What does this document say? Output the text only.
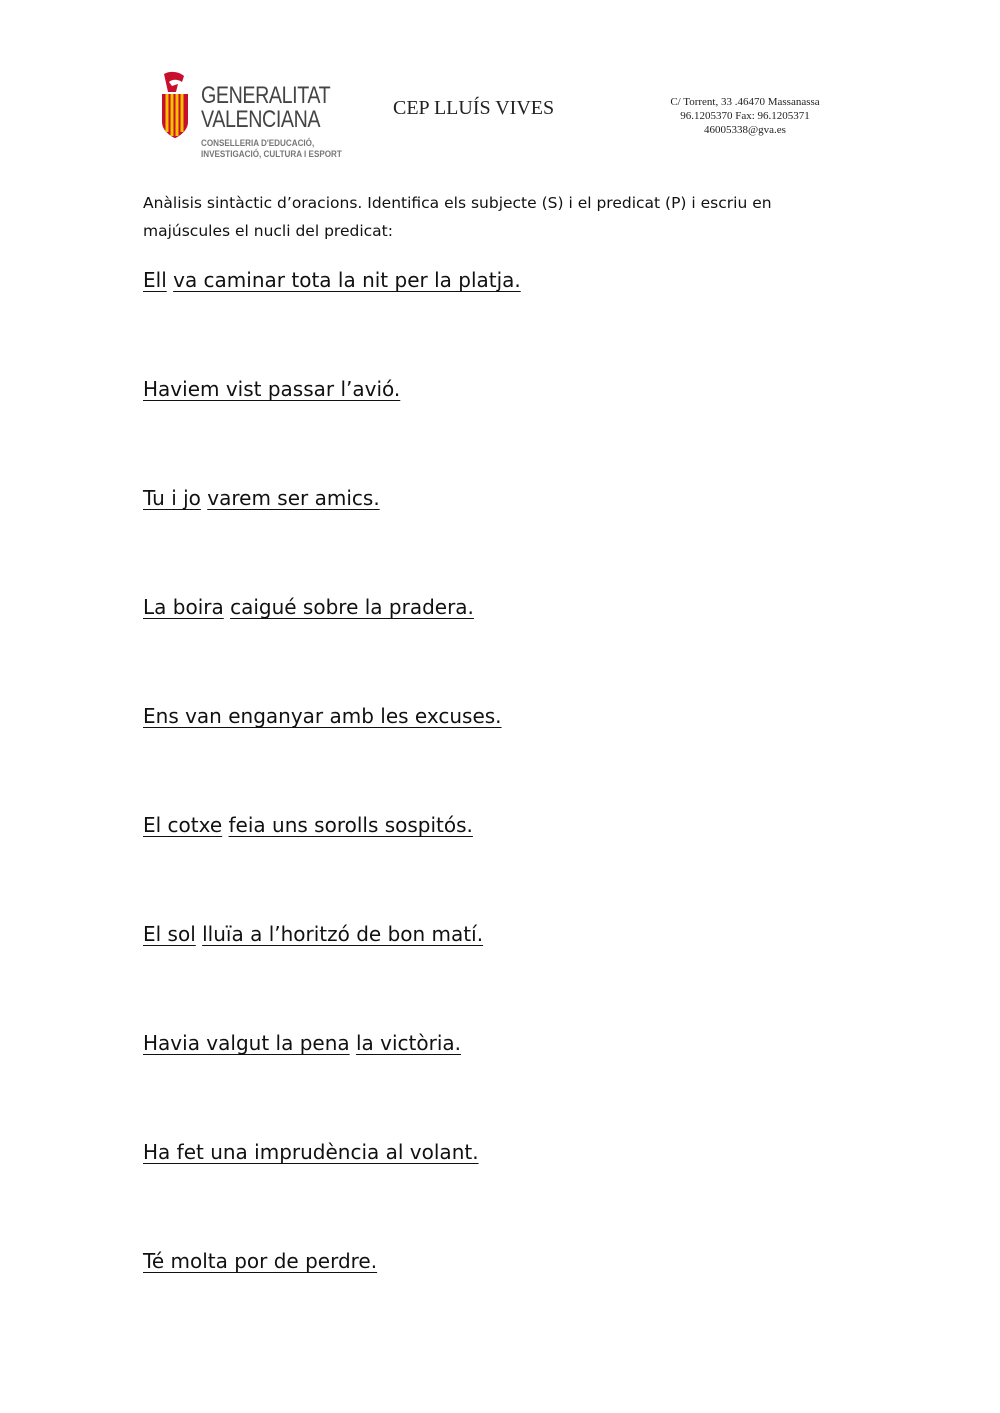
GENERALITAT
VALENCIANA
CONSELLERIA D'EDUCACIÓ,
INVESTIGACIÓ, CULTURA I ESPORT
CEP LLUÍS VIVES	C/ Torrent, 33 .46470 Massanassa
96.1205370 Fax: 96.1205371
46005338@gva.es
Anàlisis sintàctic d’oracions. Identifica els subjecte (S) i el predicat (P) i escriu en majúscules el nucli del predicat:
Ell va caminar tota la nit per la platja.
Haviem vist passar l’avió.
Tu i jo varem ser amics.
La boira caigué sobre la pradera.
Ens van enganyar amb les excuses.
El cotxe feia uns sorolls sospitós.
El sol lluïa a l’horitzó de bon matí.
Havia valgut la pena la victòria.
Ha fet una imprudència al volant.
Té molta por de perdre.
